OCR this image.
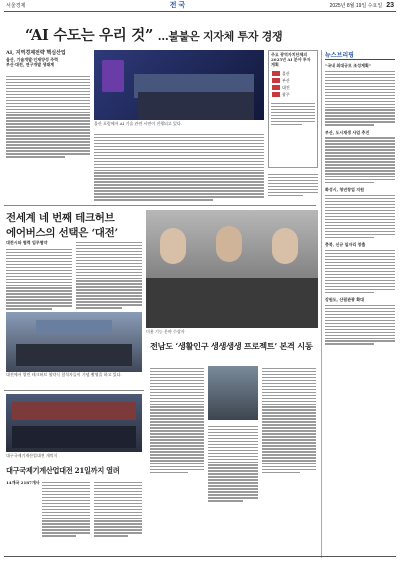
서울경제	전 국	2025년 8월 19일 수요일 23
“AI 수도는 우리 것” …불붙은 지자체 투자 경쟁
AI, 지역경제전략 핵심산업
울산, 기술개발·인재양성 주력
부산·대전, 연구개발 생태계
울산 포럼에서 AI 기술 관련 시연이 진행되고 있다.
주요 광역자치단체의 2025년 AI 분야 투자 계획
울산
부산
대전
광주
뉴스브리핑
“국내 최대규모 조성계획”
부산, 도시재생 사업 추진
화성시, 청년창업 지원
충북, 신규 일자리 창출
강원도, 산림관광 확대
전세계 네 번째 테크허브
에어버스의 선택은 ‘대전’
대전시와 협력 업무협약
대전에서 열린 테크허브 협약식 참석자들이 기념 촬영을 하고 있다.
미용 기능 분야 수상자
전남도 ‘생활인구 생생생생 프로젝트’ 본격 시동
대구국제기계산업대전 개막식
대구국제기계산업대전 21일까지 열려
14개국 2187개사
